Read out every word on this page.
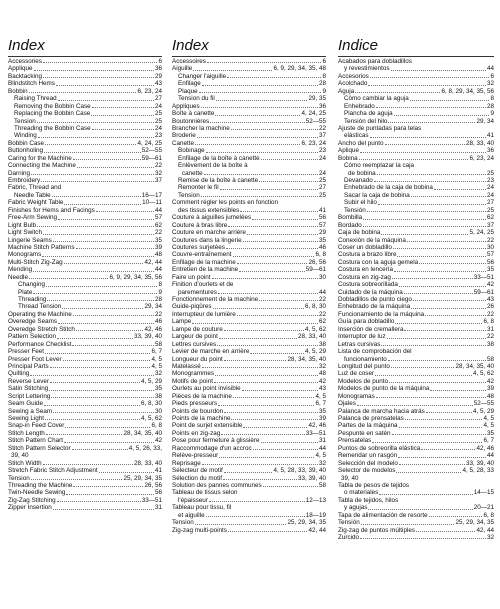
Index
Accessories	6
Applique	36
Backtacking	29
Blindstitch Hems	43
Bobbin	6, 23, 24
Raising Thread	27
Removing the Bobbin Case	24
Replacing the Bobbin Case	25
Tension	25
Threading the Bobbin Case	24
Winding	23
Bobbin Case	4, 24, 25
Buttonholing	52—55
Caring for the Machine	59—61
Connecting the Machine	22
Darning	32
Embroidery	37
Fabric, Thread and
Needle Table	16—17
Fabric Weight Table	10—11
Finishes for Hems and Facings	44
Free-Arm Sewing	57
Light Bulb	62
Light Switch	22
Lingerie Seams	35
Machine Stitch Patterns	39
Monograms	48
Multi-Stitch Zig-Zag	42, 44
Mending	44
Needle	6, 9, 29, 34, 35, 56
Changing	8
Plate	9
Threading	28
Thread Tension	29, 34
Operating the Machine	22
Overedge Seams	46
Overedge Stretch Stitch	42, 46
Pattern Selection	33, 39, 40
Performance Checklist	58
Presser Feet	6, 7
Presser Foot Lever	4, 5
Principal Parts	4, 5
Quilting	32
Reverse Lever	4, 5, 29
Satin Stitching	35
Script Lettering	38
Seam Guide	6, 8, 30
Sewing a Seam	30
Sewing Light	4, 5, 62
Snap-in Feed Cover	6, 8
Stitch Length	28, 34, 35, 40
Stitch Pattern Chart	42
Stitch Pattern Selector	4, 5, 26, 33,
39, 40
Stitch Width	28, 33, 40
Stretch Fabric Stitch Adjustment	41
Tension	25, 29, 34, 35
Threading the Machine	26, 56
Twin-Needle Sewing	56
Zig-Zag Stitching	33—51
Zipper Insertion	31
Index
Accessoires	6
Aiguille	6, 9, 29, 34, 35, 48
Changer l'aiguille	8
Enfilage	28
Plaque	9
Tension du fil	29, 35
Appliques	36
Boîte à canette	4, 24, 25
Boutonnières	52—55
Brancher la machine	22
Broderie	37
Canette	6, 23, 24
Bobinage	23
Enfilage de la boîte à canette	24
Enlèvement de la boîte à
canette	24
Remise de la boîte à canette	25
Remonter le fil	27
Tension	25
Comment régler les points en fonction
des tissus extensibles	41
Couture à aiguilles jumelées	56
Couture à bras libre	57
Couture en marche arrière	29
Coutures dans la lingerie	35
Coutures surjetées	46
Couvre-entraînement	6, 8
Enfilage de la machine	26, 56
Entretien de la machine	59—61
Faire un point	30
Finition d'ourlets et de
parementures	44
Fonctionnement de la machine	22
Guide-piqûres	6, 8, 30
Interrupteur de lumière	22
Lampe	62
Lampe de couture	4, 5, 62
Largeur de point	28, 33, 40
Lettres cursives	38
Levier de marche en arrière	4, 5, 29
Longueur du point	28, 34, 35, 40
Matelassé	32
Monogrammes	48
Motifs de point	42
Ourlets au point invisible	43
Pièces de la machine	4, 5
Pieds presseurs	6, 7
Points de bourdon	35
Points de la machine	39
Point de surjet extensible	42, 46
Points en zig-zag	33—51
Pose pour fermeture à glissière	31
Raccommodage d'un accroc	44
Relève-presseur	4, 5
Reprisage	32
Sélecteur de motif	4, 5, 28, 33, 39, 40
Sélection du motif	33, 39, 40
Solution des pannes communes	58
Tableau de tissus selon
l'épaisseur	12—13
Tableau pour tissu, fil
et aiguille	18—19
Tension	25, 29, 34, 35
Zig-zag multi-points	42, 44
Indice
Acabados para dobladillos
y revestimientos	44
Accesorios	6
Acolchado	32
Aguja	6, 8, 29, 34, 35, 56
Cómo cambiar la aguja	8
Enhebrado	28
Plancha de aguja	9
Tensión del hilo	29, 34
Ajuste de puntadas para telas
elásticas	41
Ancho del punto	28, 33, 40
Aplique	36
Bobina	6, 23, 24
Cómo reemplazar la caja
de bobina	25
Devanado	23
Enhebrado de la caja de bobina	24
Sacar la caja de bobina	24
Subir el hilo	27
Tensión	25
Bombilla	62
Bordado	37
Caja de bobina	5, 24, 25
Conexión de la máquina	22
Coser un dobladillo	30
Costura a brazo libre	57
Costura con la aguja gemela	56
Costura en lencería	35
Costura en zig-zag	33—51
Costura sobreorillada	42
Cuidado de la máquina	59—61
Dobladillos de punto ciego	43
Enhebrado de la máquina	26
Funcionamiento de la máquina	22
Guía para dobladillo	6, 8
Inserción de cremallera	31
Interruptor de luz	22
Letras cursivas	38
Lista de comprobación del
funcionamiento	58
Longitud del punto	28, 34, 35, 40
Luz de coser	4, 5, 62
Modelos de punto	42
Modelos de punto de la máquina	39
Monogramas	48
Ojales	52—55
Palanca de marcha hacia atrás	4, 5, 29
Palanca de prensatelas	4, 5
Partes de la máquina	4, 5
Pespunte en satén	35
Prensatelas	6, 7
Puntos de sobreorilla elástica	42, 46
Remendar un rasgón	44
Selección del modelo	33, 39, 40
Selector de modelos	4, 5, 28, 33
39, 40
Tabla de pesos de tejidos
o materiales	14—15
Tabla de tejidos, hilos
y agujas	20—21
Tapa de alimentación de resorte	6, 8
Tensión	25, 29, 34, 35
Zig-zag de puntos múltiples	42, 44
Zurcido	32
